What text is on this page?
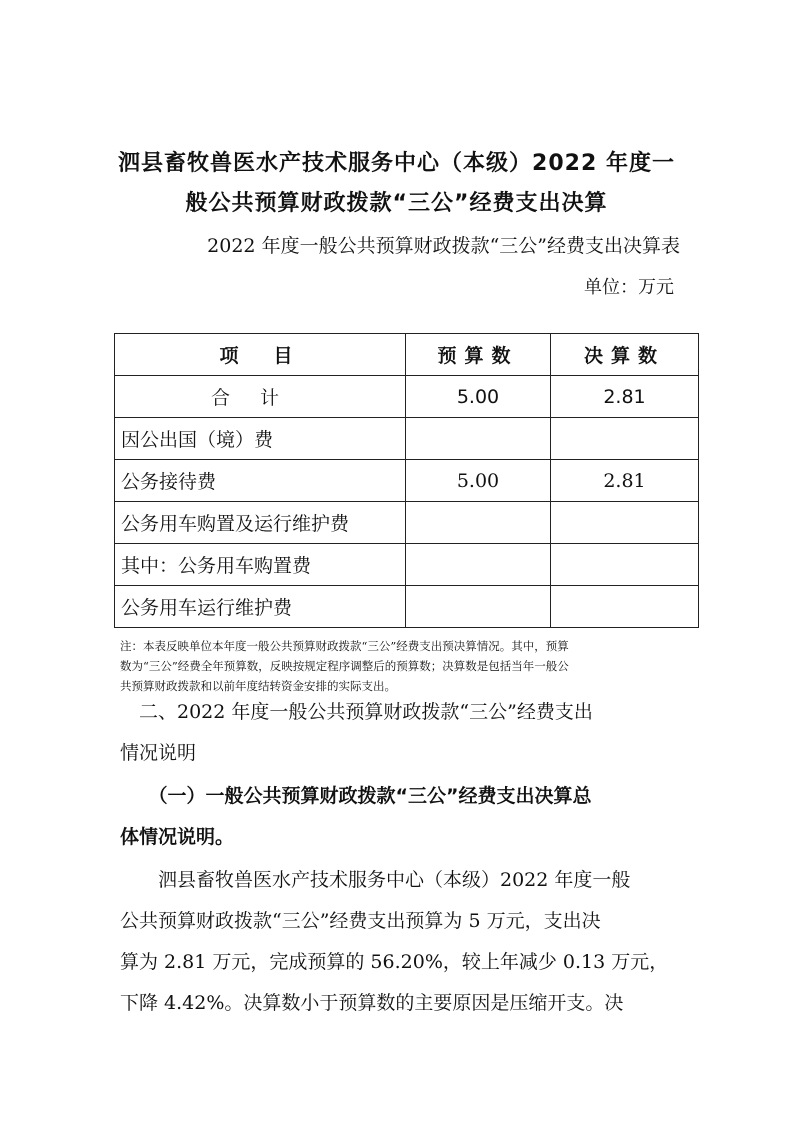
泗县畜牧兽医水产技术服务中心（本级）2022 年度一
般公共预算财政拨款“三公”经费支出决算
2022 年度一般公共预算财政拨款“三公”经费支出决算表
单位：万元
项　目	预算数	决算数
合计	5.00	2.81
因公出国（境）费		
公务接待费	5.00	2.81
公务用车购置及运行维护费		
其中：公务用车购置费		
公务用车运行维护费		
注：本表反映单位本年度一般公共预算财政拨款“三公”经费支出预决算情况。其中，预算
数为“三公”经费全年预算数，反映按规定程序调整后的预算数；决算数是包括当年一般公
共预算财政拨款和以前年度结转资金安排的实际支出。
　二、2022 年度一般公共预算财政拨款“三公”经费支出
情况说明
　　（一）一般公共预算财政拨款“三公”经费支出决算总
体情况说明。
　　泗县畜牧兽医水产技术服务中心（本级）2022 年度一般
公共预算财政拨款“三公”经费支出预算为 5 万元，支出决
算为 2.81 万元，完成预算的 56.20%，较上年减少 0.13 万元，
下降 4.42%。决算数小于预算数的主要原因是压缩开支。决
